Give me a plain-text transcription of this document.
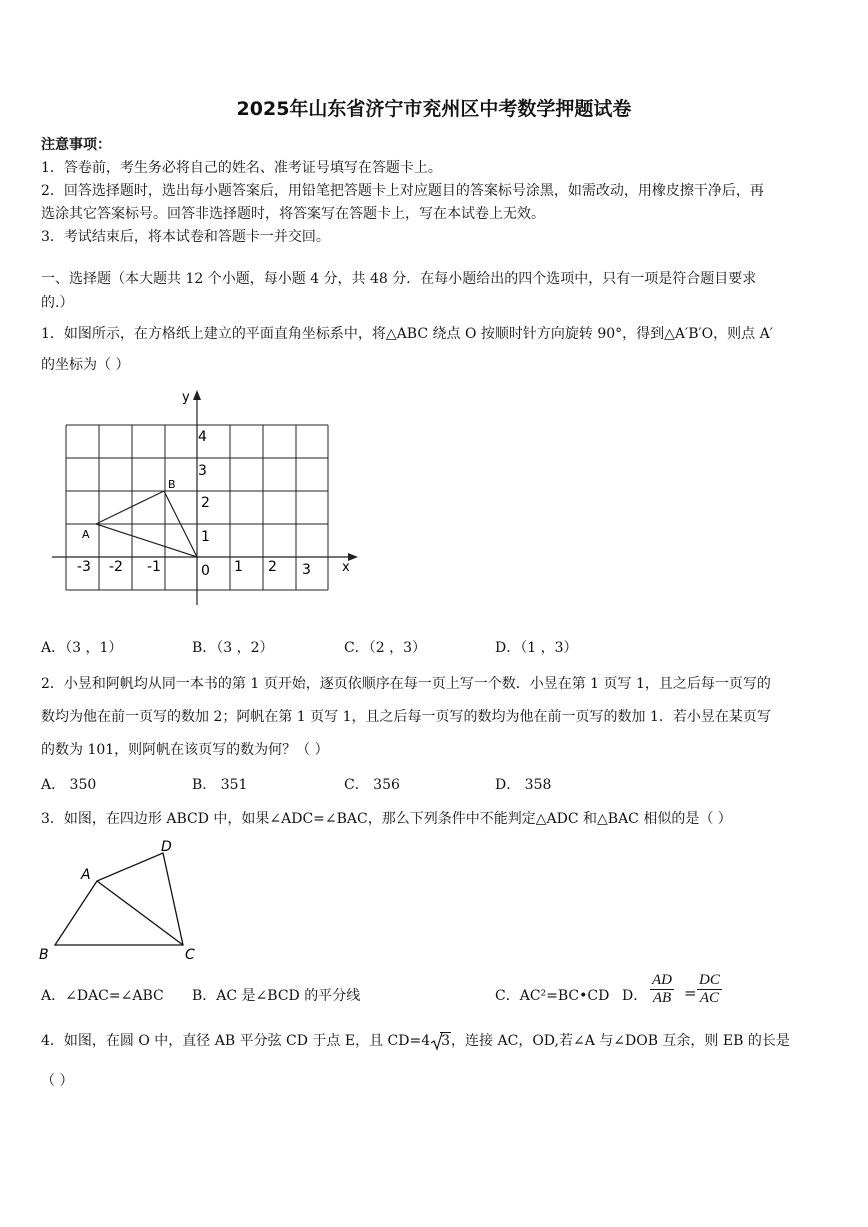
2025年山东省济宁市兖州区中考数学押题试卷
注意事项：
1．答卷前，考生务必将自己的姓名、准考证号填写在答题卡上。
2．回答选择题时，选出每小题答案后，用铅笔把答题卡上对应题目的答案标号涂黑，如需改动，用橡皮擦干净后，再
选涂其它答案标号。回答非选择题时，将答案写在答题卡上，写在本试卷上无效。
3．考试结束后，将本试卷和答题卡一并交回。
一、选择题（本大题共 12 个小题，每小题 4 分，共 48 分．在每小题给出的四个选项中，只有一项是符合题目要求
的.）
1．如图所示，在方格纸上建立的平面直角坐标系中，将△ABC 绕点 O 按顺时针方向旋转 90°，得到△A′B′O，则点 A′
的坐标为（ ）
y
x
0
-3 -2 -1	1 2 3
1
2
3
4
A
B
A．（3 ，1）	B．（3 ，2）	C．（2 ，3）	D．（1 ，3）
2．小昱和阿帆均从同一本书的第 1 页开始，逐页依顺序在每一页上写一个数．小昱在第 1 页写 1，且之后每一页写的
数均为他在前一页写的数加 2；阿帆在第 1 页写 1，且之后每一页写的数均为他在前一页写的数加 1．若小昱在某页写
的数为 101，则阿帆在该页写的数为何？（ ）
A． 350	B． 351	C． 356	D． 358
3．如图，在四边形 ABCD 中，如果∠ADC=∠BAC，那么下列条件中不能判定△ADC 和△BAC 相似的是（ ）
A
B	C
D
A．∠DAC=∠ABC B．AC 是∠BCD 的平分线	C．AC²=BC•CD D． $\frac{AD}{AB} = \frac{DC}{AC}$
4．如图，在圆 O 中，直径 AB 平分弦 CD 于点 E，且 CD=4 3，连接 AC，OD,若∠A 与∠DOB 互余，则 EB 的长是
（ ）
